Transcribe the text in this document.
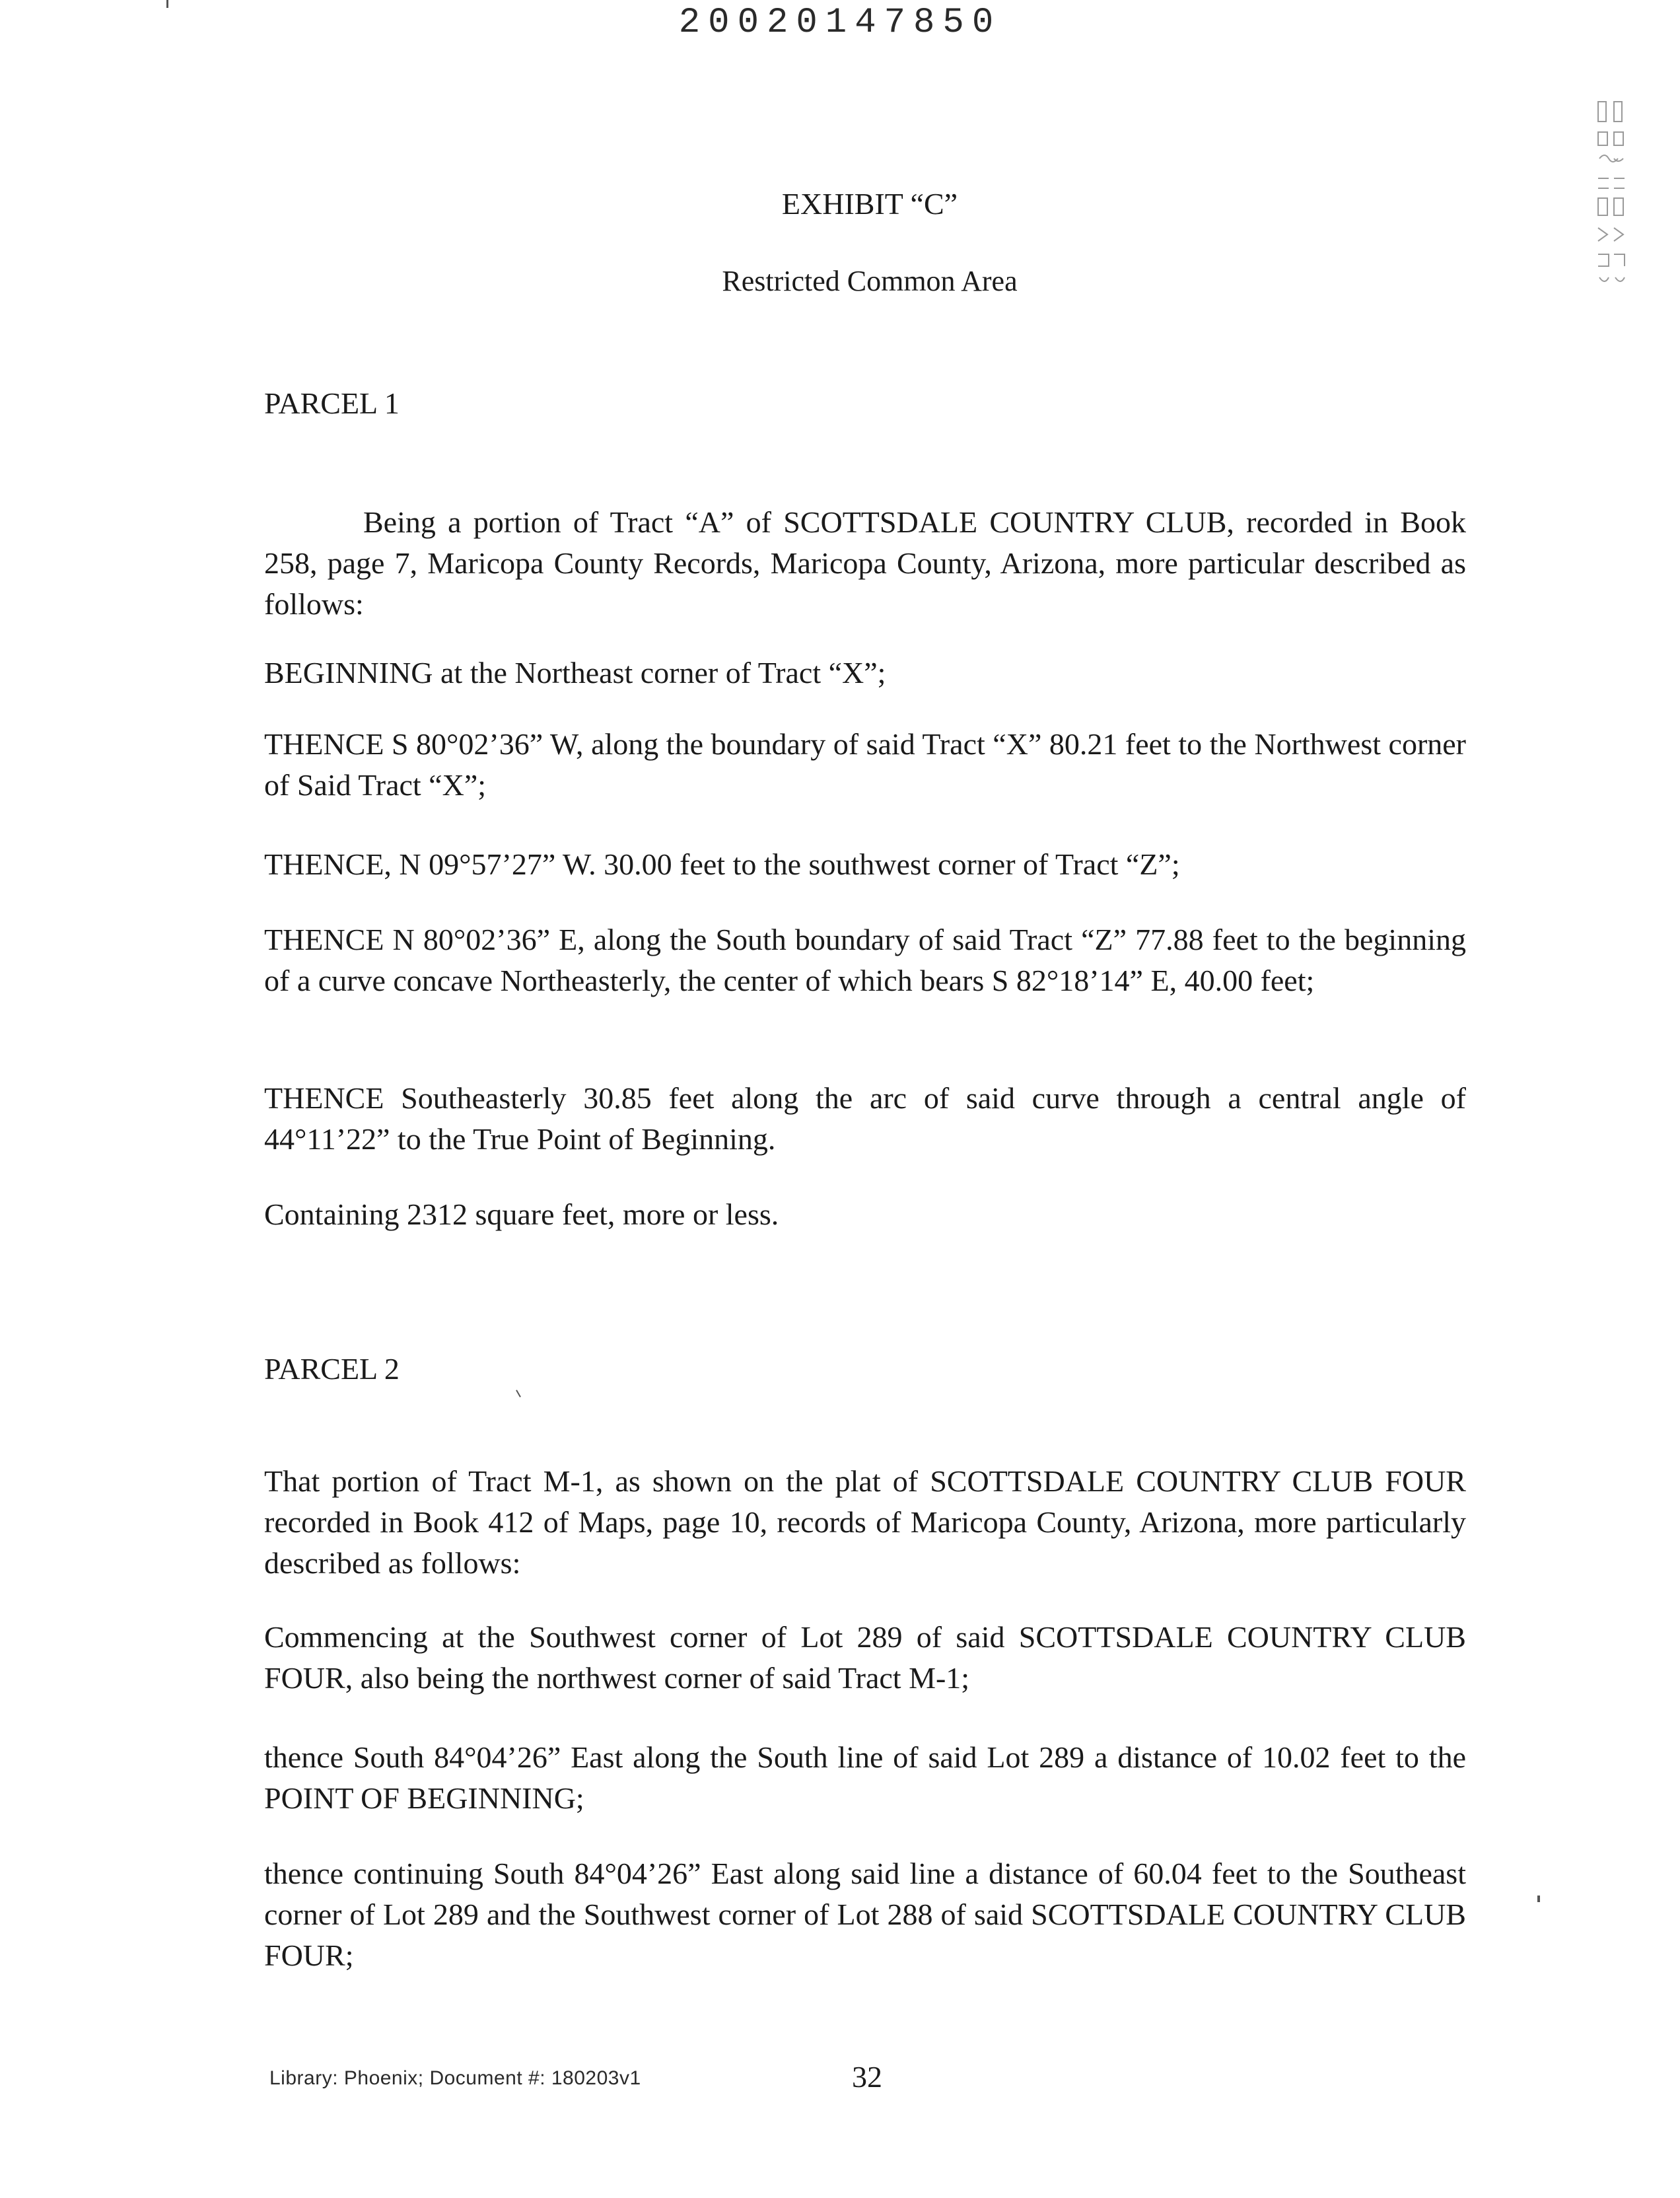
20020147850
EXHIBIT “C”
Restricted Common Area
PARCEL 1
Being a portion of Tract “A” of SCOTTSDALE COUNTRY CLUB, recorded in Book 258, page 7, Maricopa County Records, Maricopa County, Arizona, more particular described as follows:
BEGINNING at the Northeast corner of Tract “X”;
THENCE S 80°02’36” W, along the boundary of said Tract “X” 80.21 feet to the Northwest corner of Said Tract “X”;
THENCE, N 09°57’27” W. 30.00 feet to the southwest corner of Tract “Z”;
THENCE N 80°02’36” E, along the South boundary of said Tract “Z” 77.88 feet to the beginning of a curve concave Northeasterly, the center of which bears S 82°18’14” E, 40.00 feet;
THENCE Southeasterly 30.85 feet along the arc of said curve through a central angle of 44°11’22” to the True Point of Beginning.
Containing 2312 square feet, more or less.
PARCEL 2
That portion of Tract M-1, as shown on the plat of SCOTTSDALE COUNTRY CLUB FOUR recorded in Book 412 of Maps, page 10, records of Maricopa County, Arizona, more particularly described as follows:
Commencing at the Southwest corner of Lot 289 of said SCOTTSDALE COUNTRY CLUB FOUR, also being the northwest corner of said Tract M-1;
thence South 84°04’26” East along the South line of said Lot 289 a distance of 10.02 feet to the POINT OF BEGINNING;
thence continuing South 84°04’26” East along said line a distance of 60.04 feet to the Southeast corner of Lot 289 and the Southwest corner of Lot 288 of said SCOTTSDALE COUNTRY CLUB FOUR;
Library: Phoenix; Document #: 180203v1	32
